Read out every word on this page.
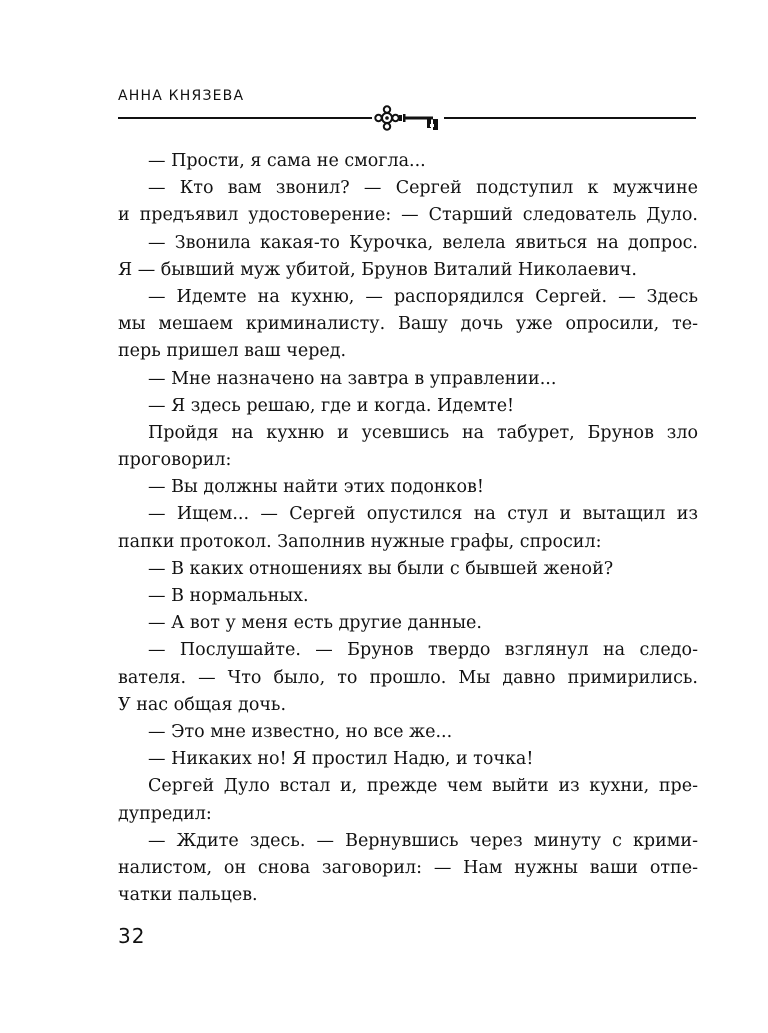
АННА КНЯЗЕВА
— Прости, я сама не смогла...
— Кто вам звонил? — Сергей подступил к мужчине
и предъявил удостоверение: — Старший следователь Дуло.
— Звонила какая-то Курочка, велела явиться на допрос.
Я — бывший муж убитой, Брунов Виталий Николаевич.
— Идемте на кухню, — распорядился Сергей. — Здесь
мы мешаем криминалисту. Вашу дочь уже опросили, те-
перь пришел ваш черед.
— Мне назначено на завтра в управлении...
— Я здесь решаю, где и когда. Идемте!
Пройдя на кухню и усевшись на табурет, Брунов зло
проговорил:
— Вы должны найти этих подонков!
— Ищем... — Сергей опустился на стул и вытащил из
папки протокол. Заполнив нужные графы, спросил:
— В каких отношениях вы были с бывшей женой?
— В нормальных.
— А вот у меня есть другие данные.
— Послушайте. — Брунов твердо взглянул на следо-
вателя. — Что было, то прошло. Мы давно примирились.
У нас общая дочь.
— Это мне известно, но все же...
— Никаких но! Я простил Надю, и точка!
Сергей Дуло встал и, прежде чем выйти из кухни, пре-
дупредил:
— Ждите здесь. — Вернувшись через минуту с крими-
налистом, он снова заговорил: — Нам нужны ваши отпе-
чатки пальцев.
32
